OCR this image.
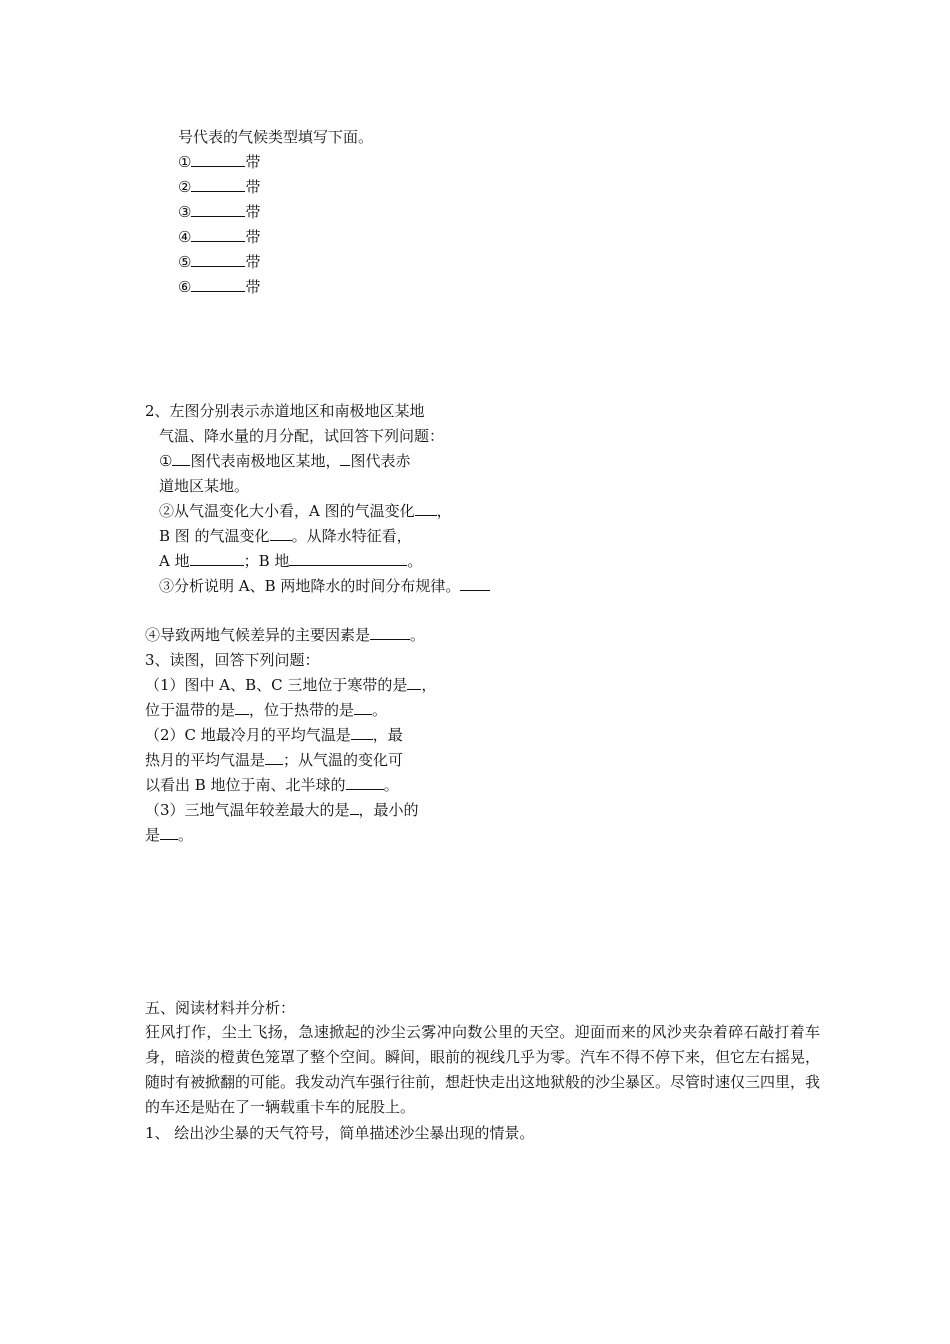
号代表的气候类型填写下面。
①	带
②	带
③	带
④	带
⑤	带
⑥	带
2、左图分别表示赤道地区和南极地区某地
气温、降水量的月分配，试回答下列问题：
① 图代表南极地区某地， 图代表赤
道地区某地。
②从气温变化大小看，A 图的气温变化 ，
B 图 的气温变化 。从降水特征看，
A 地	；B 地	。
③分析说明 A、B 两地降水的时间分布规律。
④导致两地气候差异的主要因素是	。
3、读图，回答下列问题：
（1）图中 A、B、C 三地位于寒带的是 ，
位于温带的是 ，位于热带的是 。
（2）C 地最冷月的平均气温是 ，最
热月的平均气温是 ；从气温的变化可
以看出 B 地位于南、北半球的	。
（3）三地气温年较差最大的是 ，最小的
是 。
五、阅读材料并分析：
狂风打作，尘土飞扬，急速掀起的沙尘云雾冲向数公里的天空。迎面而来的风沙夹杂着碎石敲打着车身，暗淡的橙黄色笼罩了整个空间。瞬间，眼前的视线几乎为零。汽车不得不停下来，但它左右摇晃，随时有被掀翻的可能。我发动汽车强行往前，想赶快走出这地狱般的沙尘暴区。尽管时速仅三四里，我的车还是贴在了一辆载重卡车的屁股上。
1、 绘出沙尘暴的天气符号，简单描述沙尘暴出现的情景。
